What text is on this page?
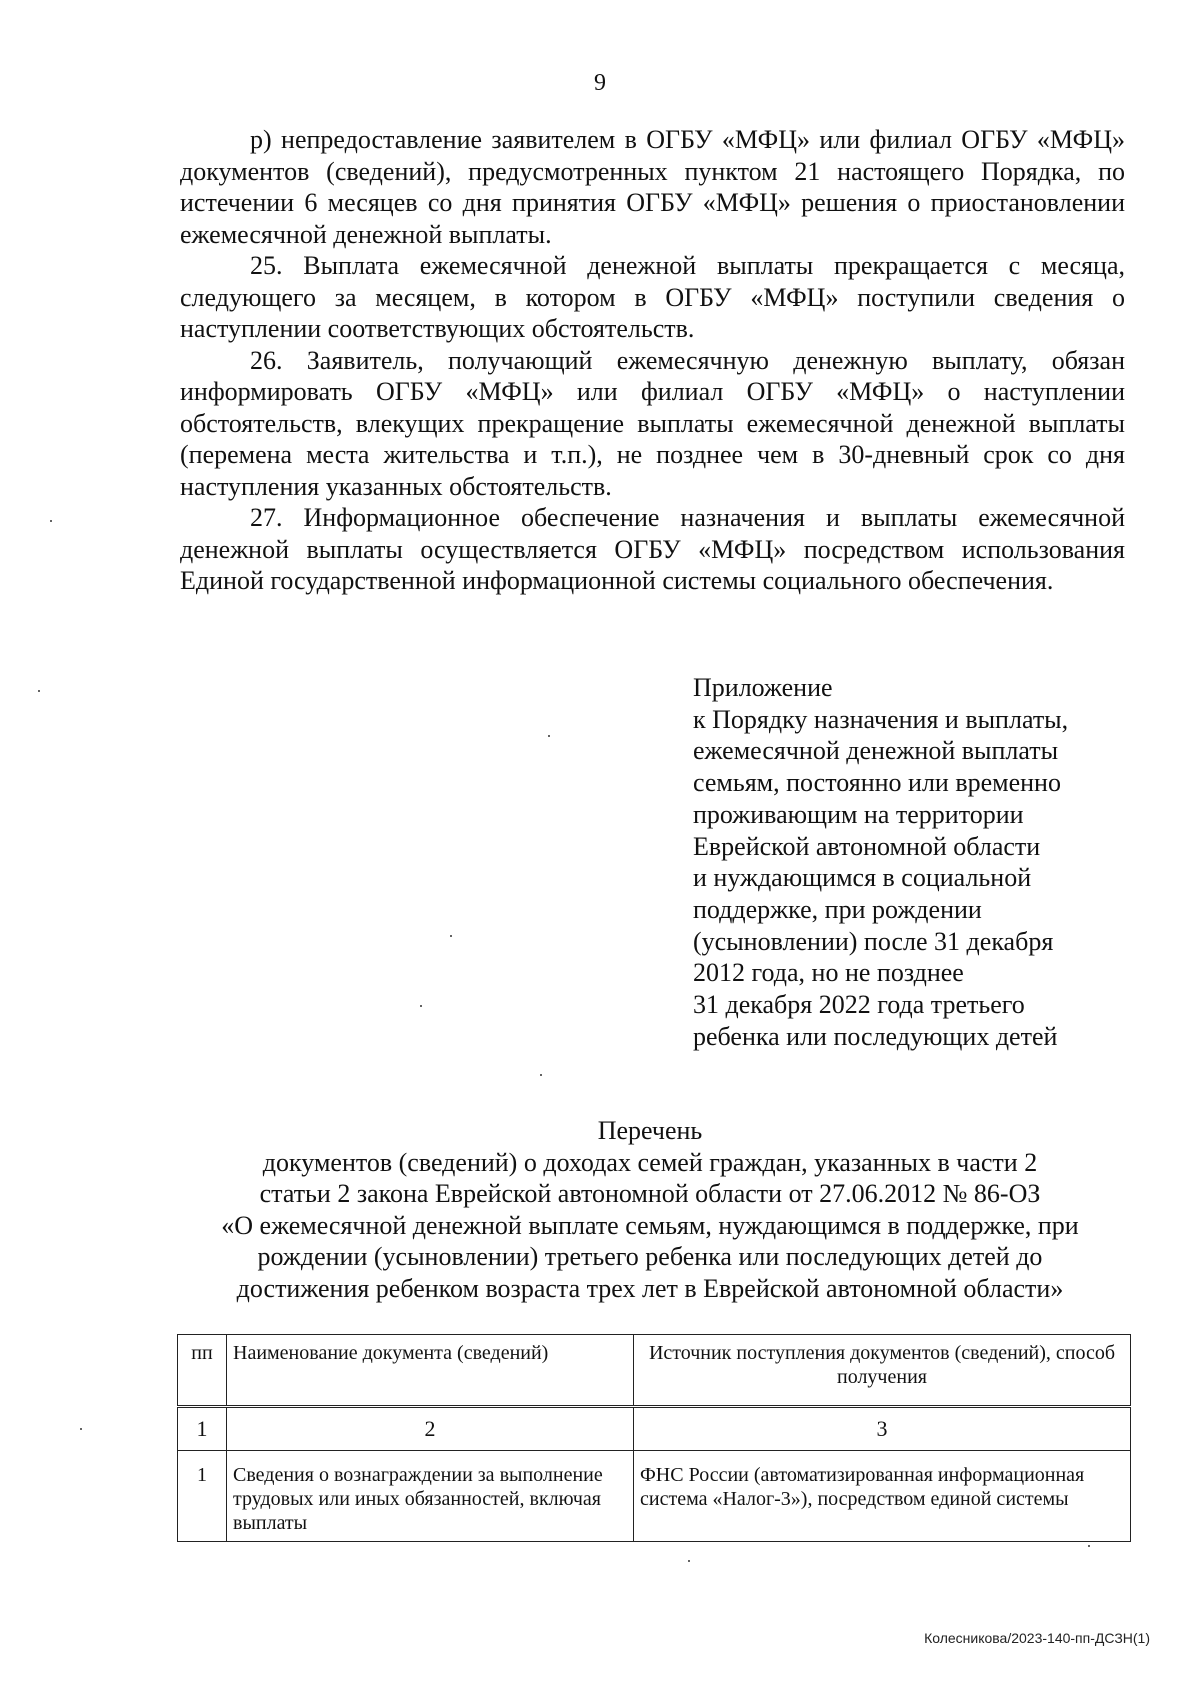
9

р) непредоставление заявителем в ОГБУ «МФЦ» или филиал ОГБУ «МФЦ» документов (сведений), предусмотренных пунктом 21 настоящего Порядка, по истечении 6 месяцев со дня принятия ОГБУ «МФЦ» решения о приостановлении ежемесячной денежной выплаты.

25. Выплата ежемесячной денежной выплаты прекращается с месяца, следующего за месяцем, в котором в ОГБУ «МФЦ» поступили сведения о наступлении соответствующих обстоятельств.

26. Заявитель, получающий ежемесячную денежную выплату, обязан информировать ОГБУ «МФЦ» или филиал ОГБУ «МФЦ» о наступлении обстоятельств, влекущих прекращение выплаты ежемесячной денежной выплаты (перемена места жительства и т.п.), не позднее чем в 30-дневный срок со дня наступления указанных обстоятельств.

27. Информационное обеспечение назначения и выплаты ежемесячной денежной выплаты осуществляется ОГБУ «МФЦ» посредством использования Единой государственной информационной системы социального обеспечения.

Приложение
к Порядку назначения и выплаты,
ежемесячной денежной выплаты
семьям, постоянно или временно
проживающим на территории
Еврейской автономной области
и нуждающимся в социальной
поддержке, при рождении
(усыновлении) после 31 декабря
2012 года, но не позднее
31 декабря 2022 года третьего
ребенка или последующих детей
Перечень
документов (сведений) о доходах семей граждан, указанных в части 2
статьи 2 закона Еврейской автономной области от 27.06.2012 № 86-ОЗ
«О ежемесячной денежной выплате семьям, нуждающимся в поддержке, при
рождении (усыновлении) третьего ребенка или последующих детей до
достижения ребенком возраста трех лет в Еврейской автономной области»
пп	Наименование документа (сведений)	Источник поступления документов (сведений), способ получения
1	2	3
1	Сведения о вознаграждении за выполнение трудовых или иных обязанностей, включая выплаты	ФНС России (автоматизированная информационная система «Налог-3»), посредством единой системы
Колесникова/2023-140-пп-ДСЗН(1)
